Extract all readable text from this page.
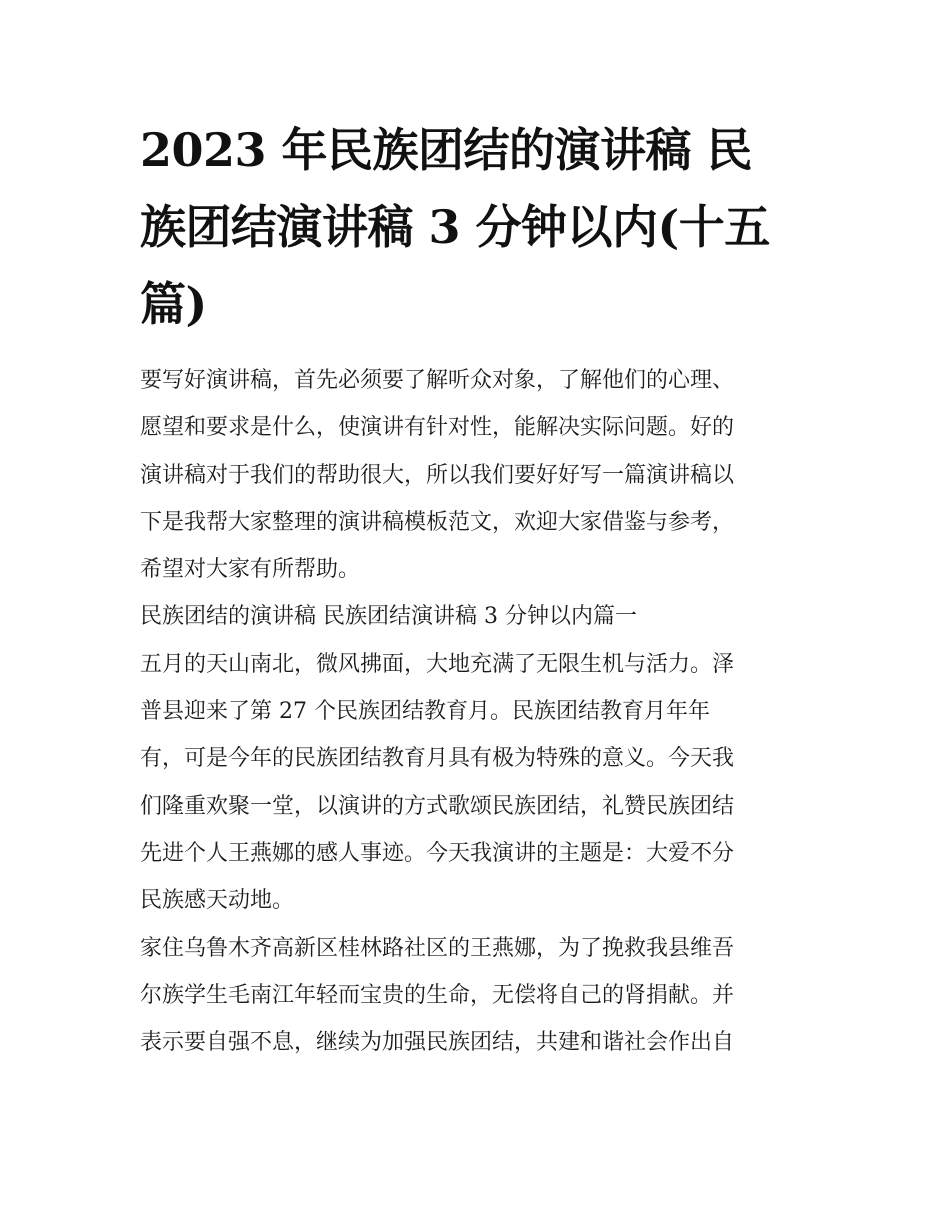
2023 年民族团结的演讲稿 民
族团结演讲稿 3 分钟以内(十五
篇)
要写好演讲稿，首先必须要了解听众对象，了解他们的心理、
愿望和要求是什么，使演讲有针对性，能解决实际问题。好的
演讲稿对于我们的帮助很大，所以我们要好好写一篇演讲稿以
下是我帮大家整理的演讲稿模板范文，欢迎大家借鉴与参考，
希望对大家有所帮助。
民族团结的演讲稿 民族团结演讲稿 3 分钟以内篇一
五月的天山南北，微风拂面，大地充满了无限生机与活力。泽
普县迎来了第 27 个民族团结教育月。民族团结教育月年年
有，可是今年的民族团结教育月具有极为特殊的意义。今天我
们隆重欢聚一堂，以演讲的方式歌颂民族团结，礼赞民族团结
先进个人王燕娜的感人事迹。今天我演讲的主题是：大爱不分
民族感天动地。
家住乌鲁木齐高新区桂林路社区的王燕娜，为了挽救我县维吾
尔族学生毛南江年轻而宝贵的生命，无偿将自己的肾捐献。并
表示要自强不息，继续为加强民族团结，共建和谐社会作出自
